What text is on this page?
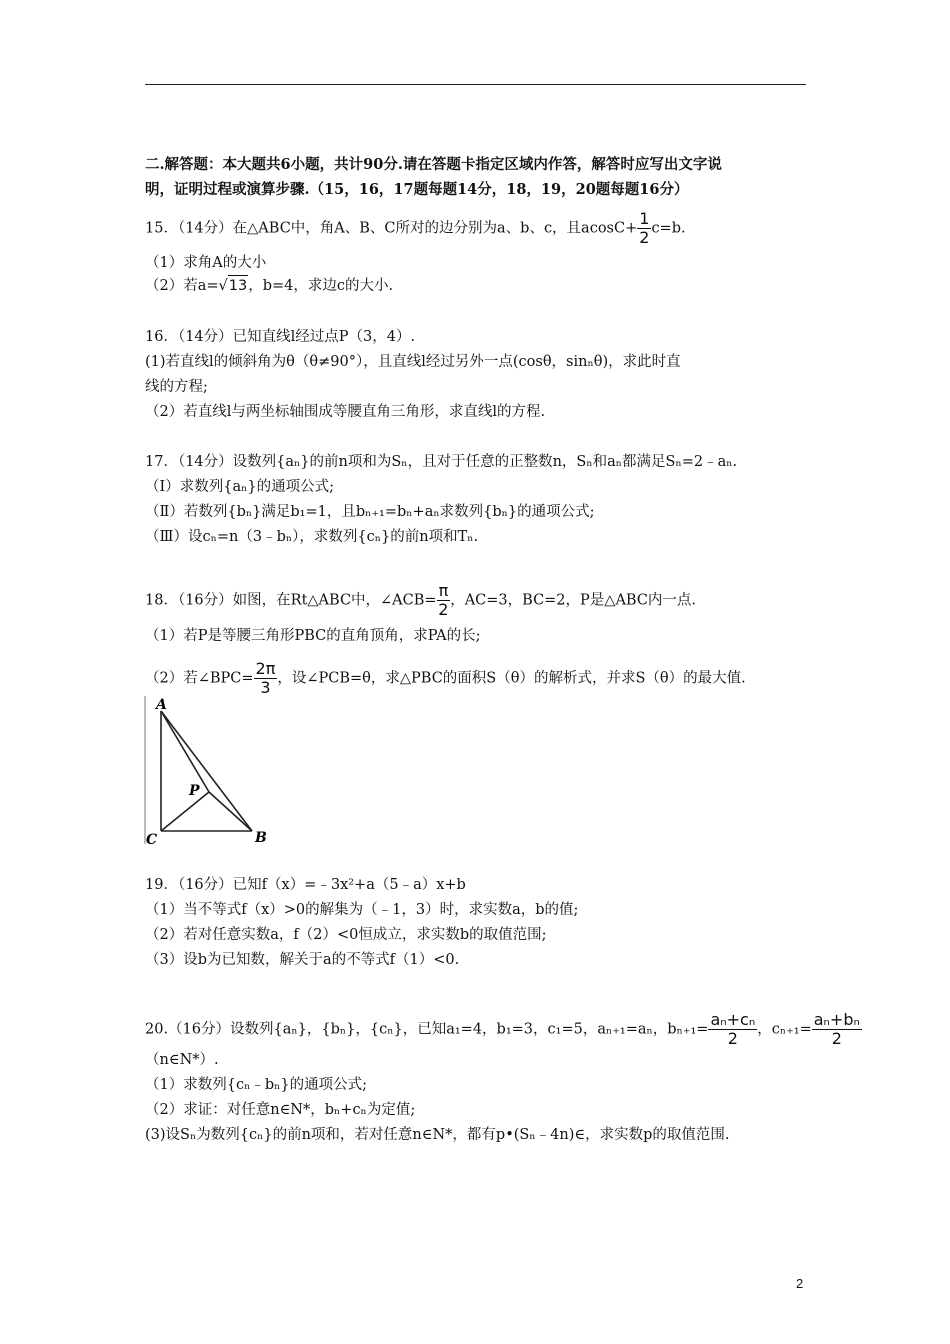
二.解答题：本大题共6小题，共计90分.请在答题卡指定区域内作答，解答时应写出文字说
明，证明过程或演算步骤.（15，16，17题每题14分，18，19，20题每题16分）
15．（14分）在△ABC中，角A、B、C所对的边分别为a、b、c，且$acosC+ \frac{1}{2} c=b$.
（1）求角A的大小
（2）若a=√13，b=4，求边c的大小.
16．（14分）已知直线l经过点P（3，4）.
(1)若直线l的倾斜角为θ（θ≠90°），且直线l经过另外一点(cosθ，sinₙθ)，求此时直
线的方程;
（2）若直线l与两坐标轴围成等腰直角三角形，求直线l的方程.
17．（14分）设数列{aₙ}的前n项和为Sₙ，且对于任意的正整数n，Sₙ和aₙ都满足Sₙ=2﹣aₙ.
（Ⅰ）求数列{aₙ}的通项公式;
（Ⅱ）若数列{bₙ}满足b₁=1，且bₙ₊₁=bₙ+aₙ求数列{bₙ}的通项公式;
（Ⅲ）设cₙ=n（3﹣bₙ），求数列{cₙ}的前n项和Tₙ.
18．（16分）如图，在Rt△ABC中，∠ACB= $\frac{\pi}{2}$ ，AC=3，BC=2，P是△ABC内一点.
（1）若P是等腰三角形PBC的直角顶角，求PA的长;
（2）若∠BPC= $\frac{2\pi}{3}$ ，设∠PCB=θ，求△PBC的面积S（θ）的解析式，并求S（θ）的最大值.
A
P
C	B
19．（16分）已知f（x）=﹣3x²+a（5﹣a）x+b
（1）当不等式f（x）>0的解集为（﹣1，3）时，求实数a，b的值;
（2）若对任意实数a，f（2）<0恒成立，求实数b的取值范围;
（3）设b为已知数，解关于a的不等式f（1）<0.
20.（16分）设数列{aₙ}，{bₙ}，{cₙ}，已知a₁=4，b₁=3，c₁=5，aₙ₊₁=aₙ，$b_{n+1}= \frac{\text{aₙ+cₙ}}{2}$ ，$c_{n+1}= \frac{\text{aₙ+bₙ}}{2}$
（n∈N*）.
（1）求数列{cₙ﹣bₙ}的通项公式;
（2）求证：对任意n∈N*，bₙ+cₙ为定值;
(3)设Sₙ为数列{cₙ}的前n项和，若对任意n∈N*，都有p•(Sₙ﹣4n)∈，求实数p的取值范围.
2
